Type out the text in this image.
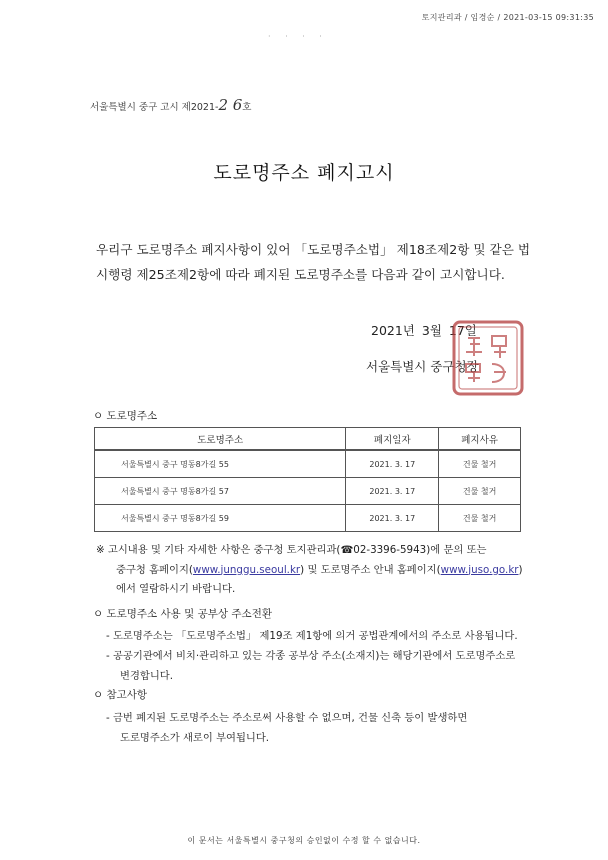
토지관리과 / 임경순 / 2021-03-15 09:31:35
· · · ·
서울특별시 중구 고시 제2021-2 6호
도로명주소 폐지고시
우리구 도로명주소 폐지사항이 있어 「도로명주소법」 제18조제2항 및 같은 법
시행령 제25조제2항에 따라 폐지된 도로명주소를 다음과 같이 고시합니다.
2021년 3월 17일
서울특별시 중구청장
ㅇ 도로명주소
도로명주소	폐지일자	폐지사유
서울특별시 중구 명동8가길 55	2021. 3. 17	건물 철거
서울특별시 중구 명동8가길 57	2021. 3. 17	건물 철거
서울특별시 중구 명동8가길 59	2021. 3. 17	건물 철거
※ 고시내용 및 기타 자세한 사항은 중구청 토지관리과(☎02-3396-5943)에 문의 또는
중구청 홈페이지(www.junggu.seoul.kr) 및 도로명주소 안내 홈페이지(www.juso.go.kr)
에서 열람하시기 바랍니다.
ㅇ 도로명주소 사용 및 공부상 주소전환
- 도로명주소는 「도로명주소법」 제19조 제1항에 의거 공법관계에서의 주소로 사용됩니다.
- 공공기관에서 비치·관리하고 있는 각종 공부상 주소(소재지)는 해당기관에서 도로명주소로
변경합니다.
ㅇ 참고사항
- 금번 폐지된 도로명주소는 주소로써 사용할 수 없으며, 건물 신축 등이 발생하면
도로명주소가 새로이 부여됩니다.
이 문서는 서울특별시 중구청의 승인없이 수정 할 수 없습니다.
